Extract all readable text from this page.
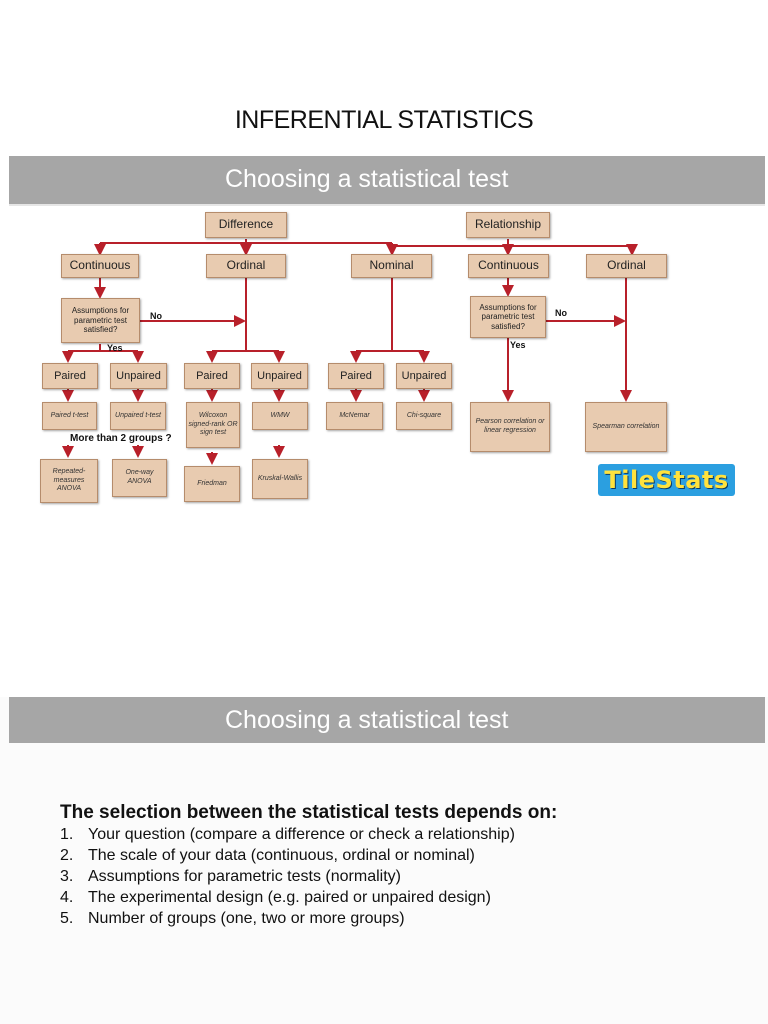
INFERENTIAL STATISTICS
Choosing a statistical test
Difference	Relationship
Continuous	Ordinal	Nominal	Continuous	Ordinal
Assumptions for parametric test satisfied?
Assumptions for parametric test satisfied?
No	No
Yes	Yes
Paired	Unpaired	Paired	Unpaired	Paired	Unpaired
Paired t-test	Unpaired t-test	Wilcoxon signed-rank OR sign test
WMW	McNemar	Chi-square
Pearson correlation or linear regression
Spearman correlation
More than 2 groups ?
Repeated-measures ANOVA
One-way ANOVA	Friedman
Kruskal-Wallis	TileStats
Choosing a statistical test
The selection between the statistical tests depends on:
1. Your question (compare a difference or check a relationship)
2. The scale of your data (continuous, ordinal or nominal)
3. Assumptions for parametric tests (normality)
4. The experimental design (e.g. paired or unpaired design)
5. Number of groups (one, two or more groups)
